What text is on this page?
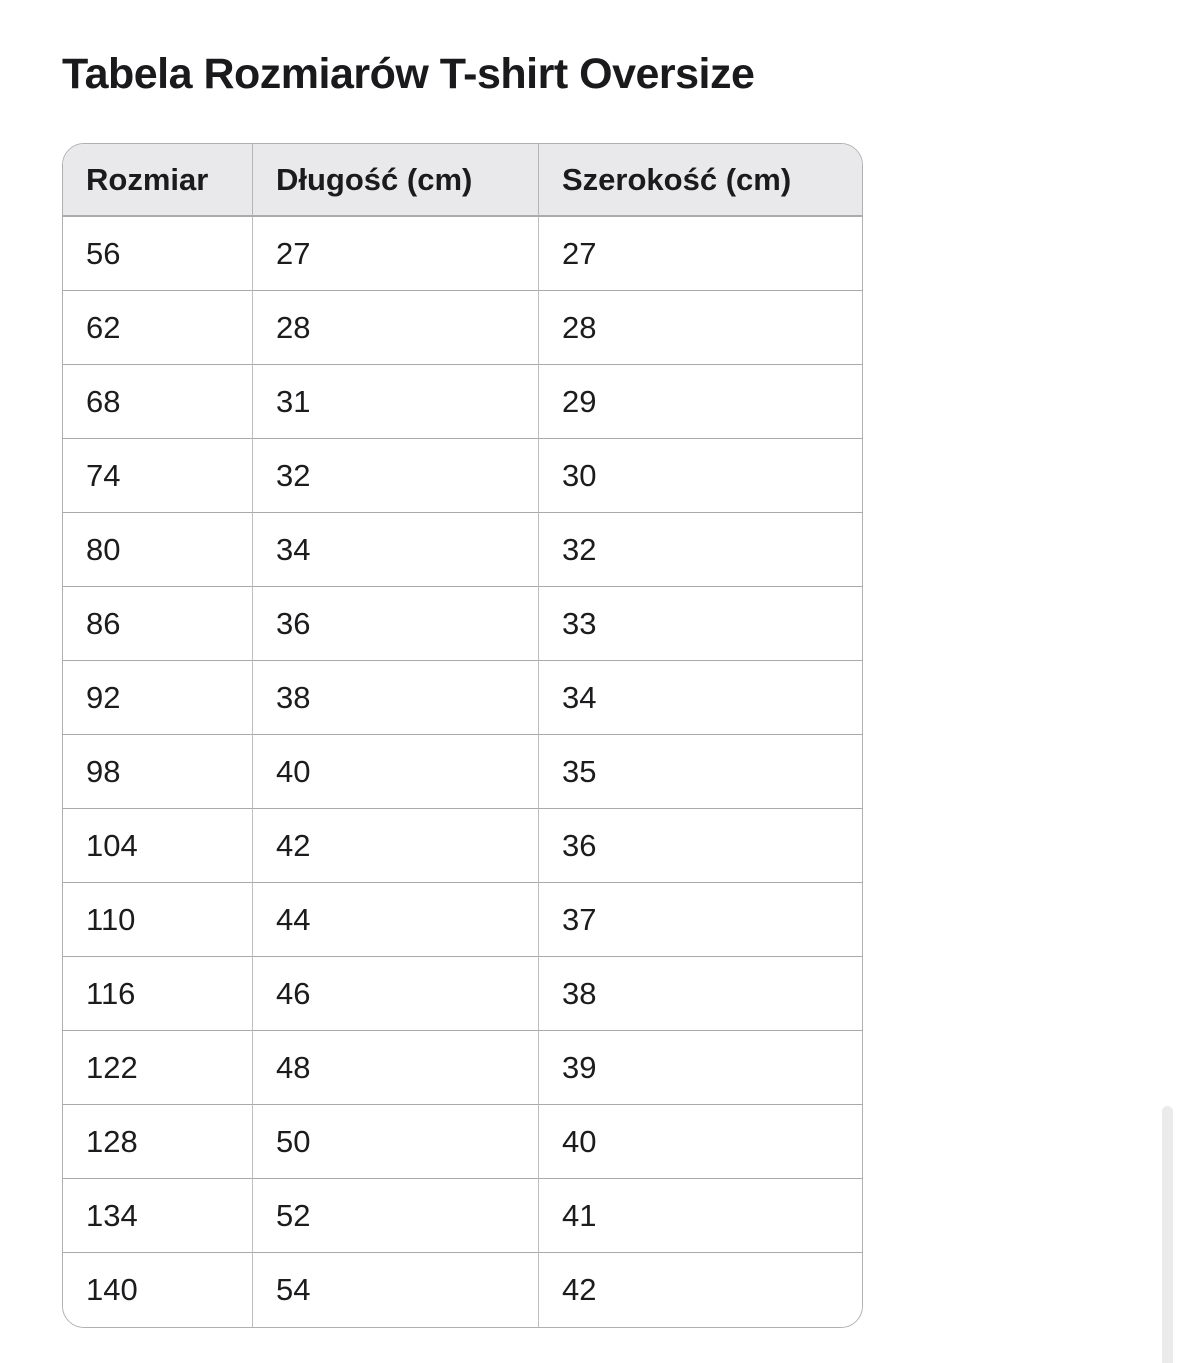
Tabela Rozmiarów T-shirt Oversize
Rozmiar	Długość (cm)	Szerokość (cm)
56	27	27
62	28	28
68	31	29
74	32	30
80	34	32
86	36	33
92	38	34
98	40	35
104	42	36
110	44	37
116	46	38
122	48	39
128	50	40
134	52	41
140	54	42
